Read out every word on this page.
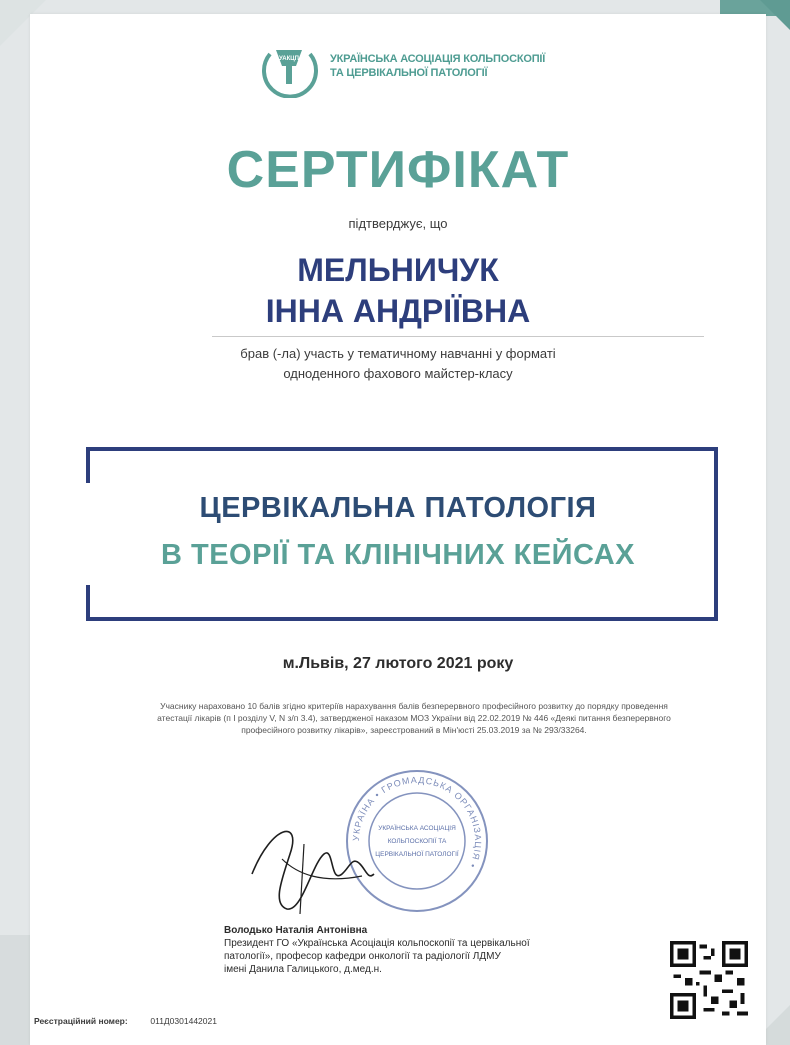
УАКЦП	УКРАЇНСЬКА АСОЦІАЦІЯ КОЛЬПОСКОПІЇ
ТА ЦЕРВІКАЛЬНОЇ ПАТОЛОГІЇ
СЕРТИФІКАТ
підтверджує, що
МЕЛЬНИЧУК
ІННА АНДРІЇВНА
брав (-ла) участь у тематичному навчанні у форматі
одноденного фахового майстер-класу
ЦЕРВІКАЛЬНА ПАТОЛОГІЯ
В ТЕОРІЇ ТА КЛІНІЧНИХ КЕЙСАХ
м.Львів, 27 лютого 2021 року
Учаснику нараховано 10 балів згідно критеріїв нарахування балів безперервного професійного розвитку до порядку проведення
атестації лікарів (п І розділу V, N з/п 3.4), затвердженої наказом МОЗ України від 22.02.2019 № 446 «Деякі питання безперервного
професійного розвитку лікарів», зареєстрований в Мін'юсті 25.03.2019 за № 293/33264.
УКРАЇНА • ГРОМАДСЬКА ОРГАНІЗАЦІЯ •
УКРАЇНСЬКА АСОЦІАЦІЯ
КОЛЬПОСКОПІЇ ТА
ЦЕРВІКАЛЬНОЇ ПАТОЛОГІЇ
Володько Наталія Антонівна
Президент ГО «Українська Асоціація кольпоскопії та цервікальної
патології», професор кафедри онкології та радіології ЛДМУ
імені Данила Галицького, д.мед.н.
Реєстраційний номер:	011Д0301442021
